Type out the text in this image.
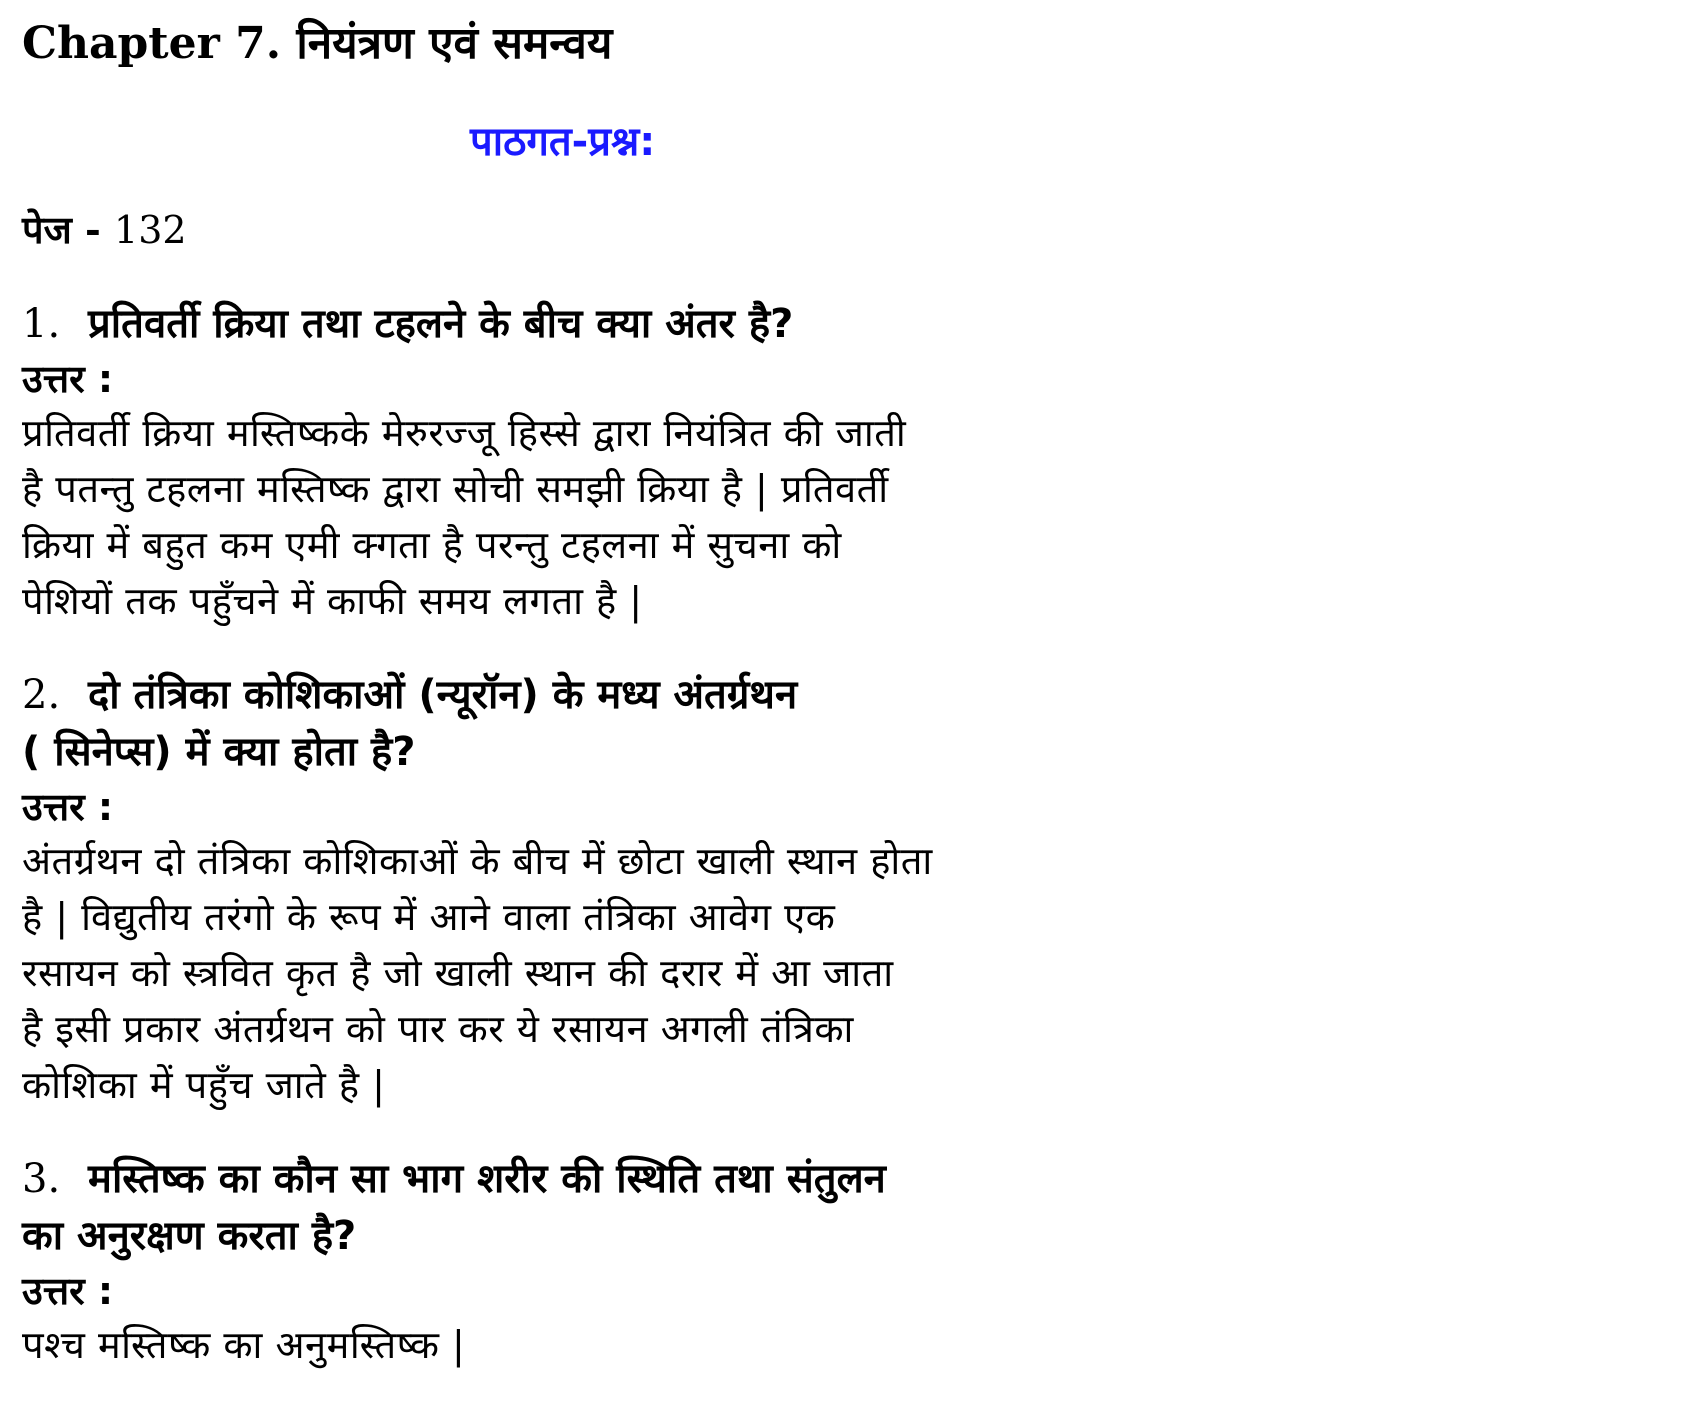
Chapter 7. नियंत्रण एवं समन्वय
पाठगत-प्रश्न:
पेज - 132

1. प्रतिवर्ती क्रिया तथा टहलने के बीच क्या अंतर है?

उत्तर :

प्रतिवर्ती क्रिया मस्तिष्कके मेरुरज्जू हिस्से द्वारा नियंत्रित की जाती
है पतन्तु टहलना मस्तिष्क द्वारा सोची समझी क्रिया है | प्रतिवर्ती
क्रिया में बहुत कम एमी क्गता है परन्तु टहलना में सुचना को
पेशियों तक पहुँचने में काफी समय लगता है |

2. दो तंत्रिका कोशिकाओं (न्यूरॉन) के मध्य अंतर्ग्रथन
( सिनेप्स) में क्या होता है?

उत्तर :

अंतर्ग्रथन दो तंत्रिका कोशिकाओं के बीच में छोटा खाली स्थान होता
है | विद्युतीय तरंगो के रूप में आने वाला तंत्रिका आवेग एक
रसायन को स्त्रवित कृत है जो खाली स्थान की दरार में आ जाता
है इसी प्रकार अंतर्ग्रथन को पार कर ये रसायन अगली तंत्रिका
कोशिका में पहुँच जाते है |

3. मस्तिष्क का कौन सा भाग शरीर की स्थिति तथा संतुलन
का अनुरक्षण करता है?

उत्तर :

पश्च मस्तिष्क का अनुमस्तिष्क |
